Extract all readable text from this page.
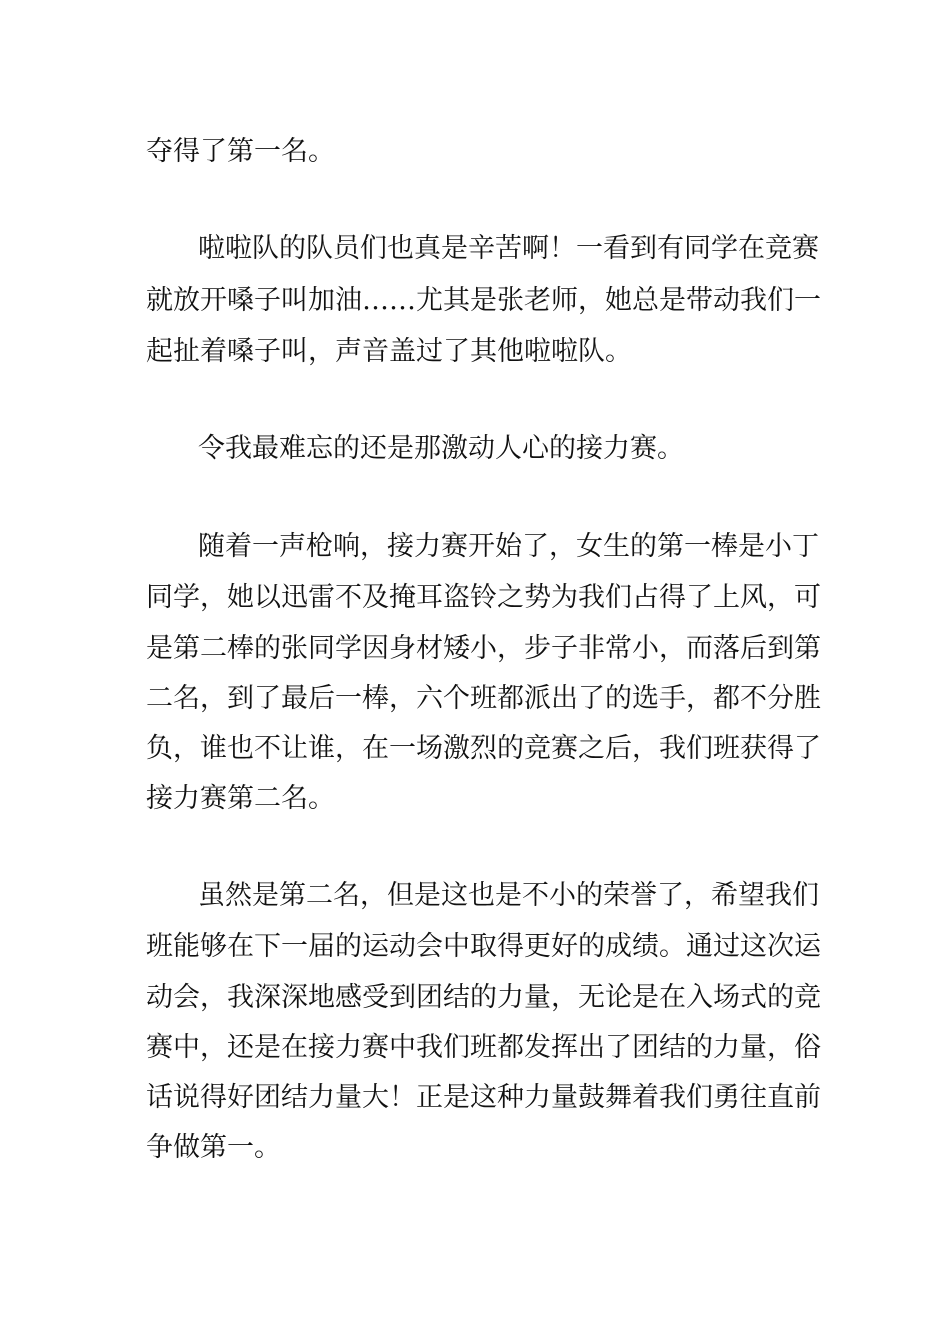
夺得了第一名。
啦啦队的队员们也真是辛苦啊！一看到有同学在竞赛
就放开嗓子叫加油……尤其是张老师，她总是带动我们一
起扯着嗓子叫，声音盖过了其他啦啦队。
令我最难忘的还是那激动人心的接力赛。
随着一声枪响，接力赛开始了，女生的第一棒是小丁
同学，她以迅雷不及掩耳盗铃之势为我们占得了上风，可
是第二棒的张同学因身材矮小，步子非常小，而落后到第
二名，到了最后一棒，六个班都派出了的选手，都不分胜
负，谁也不让谁，在一场激烈的竞赛之后，我们班获得了
接力赛第二名。
虽然是第二名，但是这也是不小的荣誉了，希望我们
班能够在下一届的运动会中取得更好的成绩。通过这次运
动会，我深深地感受到团结的力量，无论是在入场式的竞
赛中，还是在接力赛中我们班都发挥出了团结的力量，俗
话说得好团结力量大！正是这种力量鼓舞着我们勇往直前
争做第一。
